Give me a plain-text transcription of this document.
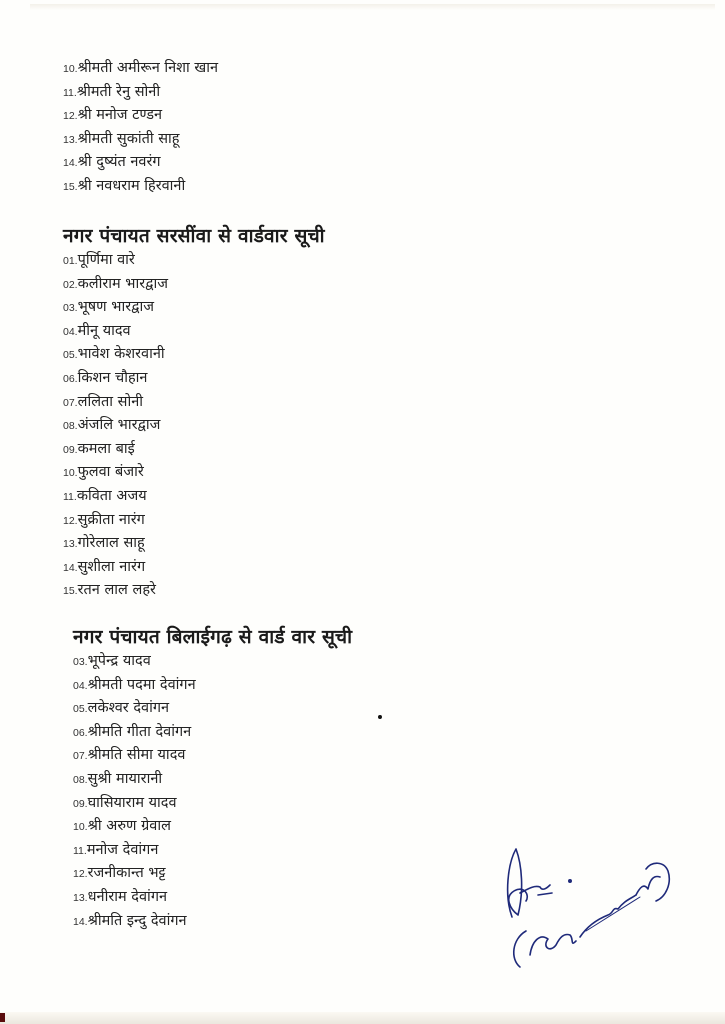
10.श्रीमती अमीरून निशा खान
11.श्रीमती रेनु सोनी
12.श्री मनोज टण्डन
13.श्रीमती सुकांती साहू
14.श्री दुष्यंत नवरंग
15.श्री नवधराम हिरवानी
नगर पंचायत सरसींवा से वार्डवार सूची
01.पूर्णिमा वारे
02.कलीराम भारद्वाज
03.भूषण भारद्वाज
04.मीनू यादव
05.भावेश केशरवानी
06.किशन चौहान
07.ललिता सोनी
08.अंजलि भारद्वाज
09.कमला बाई
10.फुलवा बंजारे
11.कविता अजय
12.सुक्रीता नारंग
13.गोरेलाल साहू
14.सुशीला नारंग
15.रतन लाल लहरे
नगर पंचायत बिलाईगढ़ से वार्ड वार सूची
03.भूपेन्द्र यादव
04.श्रीमती पदमा देवांगन
05.लकेश्वर देवांगन
06.श्रीमति गीता देवांगन
07.श्रीमति सीमा यादव
08.सुश्री मायारानी
09.घासियाराम यादव
10.श्री अरुण ग्रेवाल
11.मनोज देवांगन
12.रजनीकान्त भट्ट
13.धनीराम देवांगन
14.श्रीमति इन्दु देवांगन
